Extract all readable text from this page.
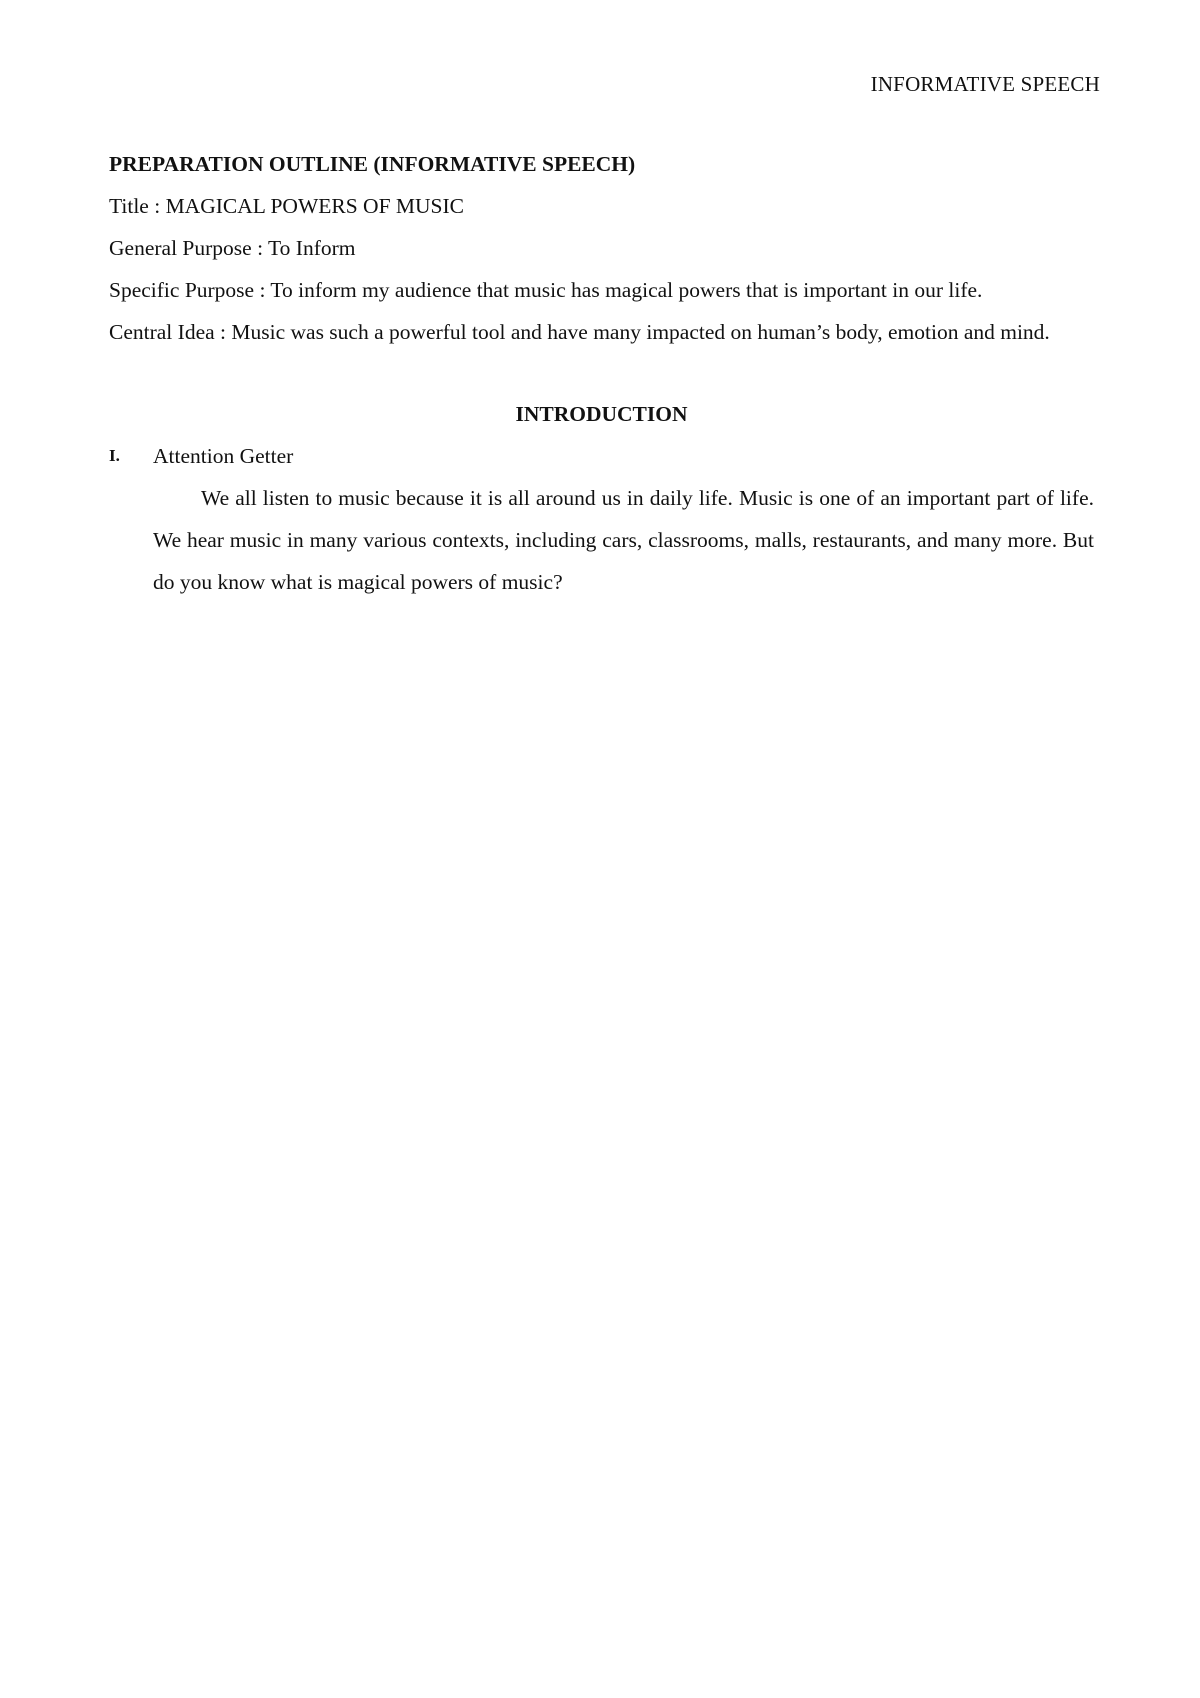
INFORMATIVE SPEECH

PREPARATION OUTLINE (INFORMATIVE SPEECH)

Title : MAGICAL POWERS OF MUSIC

General Purpose : To Inform

Specific Purpose : To inform my audience that music has magical powers that is important in our life.

Central Idea : Music was such a powerful tool and have many impacted on human’s body, emotion and mind.

INTRODUCTION

I. Attention Getter

We all listen to music because it is all around us in daily life. Music is one of an important part of life. We hear music in many various contexts, including cars, classrooms, malls, restaurants, and many more. But do you know what is magical powers of music?
